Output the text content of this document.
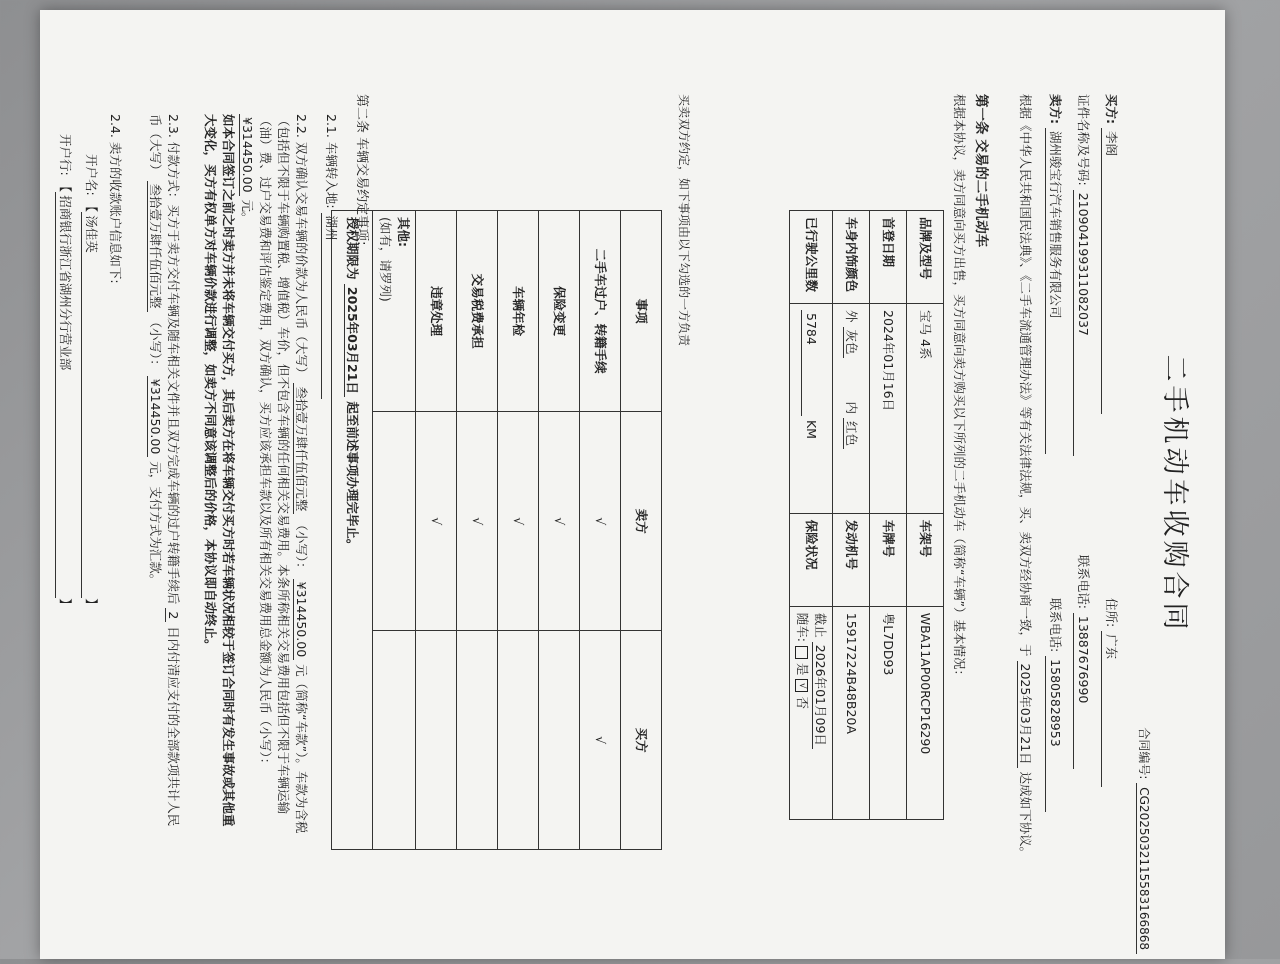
二手机动车收购合同
合同编号: CG20250321155831668​68
买方: 李阁 住所: 广东
证件名称及号码: 210904199311082037 联系电话: 13887676990
卖方: 湖州骏宝行汽车销售服务有限公司 联系电话: 15805828953
根据《中华人民共和国民法典》、《二手车流通管理办法》等有关法律法规，买、卖双方经协商一致，于 2025年03月21日 达成如下协议。
第一条 交易的二手机动车
根据本协议，卖方同意向买方出售，买方同意向卖方购买以下所列的二手机动车（简称“车辆”）基本情况：
品牌及型号	宝马 4系	车架号	WBA11AP00RCP16290
首登日期	2024年01月16日	车牌号	粤L7DD93
车身内饰颜色	外 灰色 内 红色	发动机号	15917224B48B20A
已行驶公里数	5784 KM	保险状况	截止 2026年01月09日
随车:  是 √ 否
买卖双方约定，如下事项由以下勾选的一方负责
事项	卖方	买方
二手车过户、转籍手续	√	√
保险变更	√	
车辆年检	√	
交易税费承担	√	
违章处理	√	
其他:
(如有，请罗列)		
授权期限为 2025年03月21日 起至前述事项办理完毕止。		
第二条 车辆交易约定事项:
2.1. 车辆转入地: 湖州
2.2. 双方确认交易车辆的价款为人民币（大写） 叁拾壹万肆仟伍佰元整 （小写）： ¥314450.00 元（简称“车款”）。车款为含税（包括但不限于车辆购置税、增值税）车价，但不包含车辆的任何相关交易费用。本条所称相关交易费用包括但不限于车辆运输（油）费、过户交易费和评估鉴定费用，双方确认，买方应该承担车款以及所有相关交易费用总金额为人民币（小写）： ¥314450.00 元。
如本合同签订之前之时卖方并未将车辆交付买方，其后卖方在将车辆交付买方时若车辆状况相较于签订合同时有发生事故或其他重大变化，买方有权单方对车辆价款进行调整，如卖方不同意该调整后的价格，本协议即自动终止。
2.3. 付款方式：买方于卖方交付车辆及随车相关文件并且双方完成车辆的过户转籍手续后 2 日内付清应支付的全部款项共计人民币（大写） 叁拾壹万肆仟伍佰元整 （小写）： ¥314450.00 元，支付方式为汇款。
2.4. 卖方的收款账户信息如下:
开户名: 【汤佳英】
开户行: 【招商银行浙江省湖州分行营业部】
